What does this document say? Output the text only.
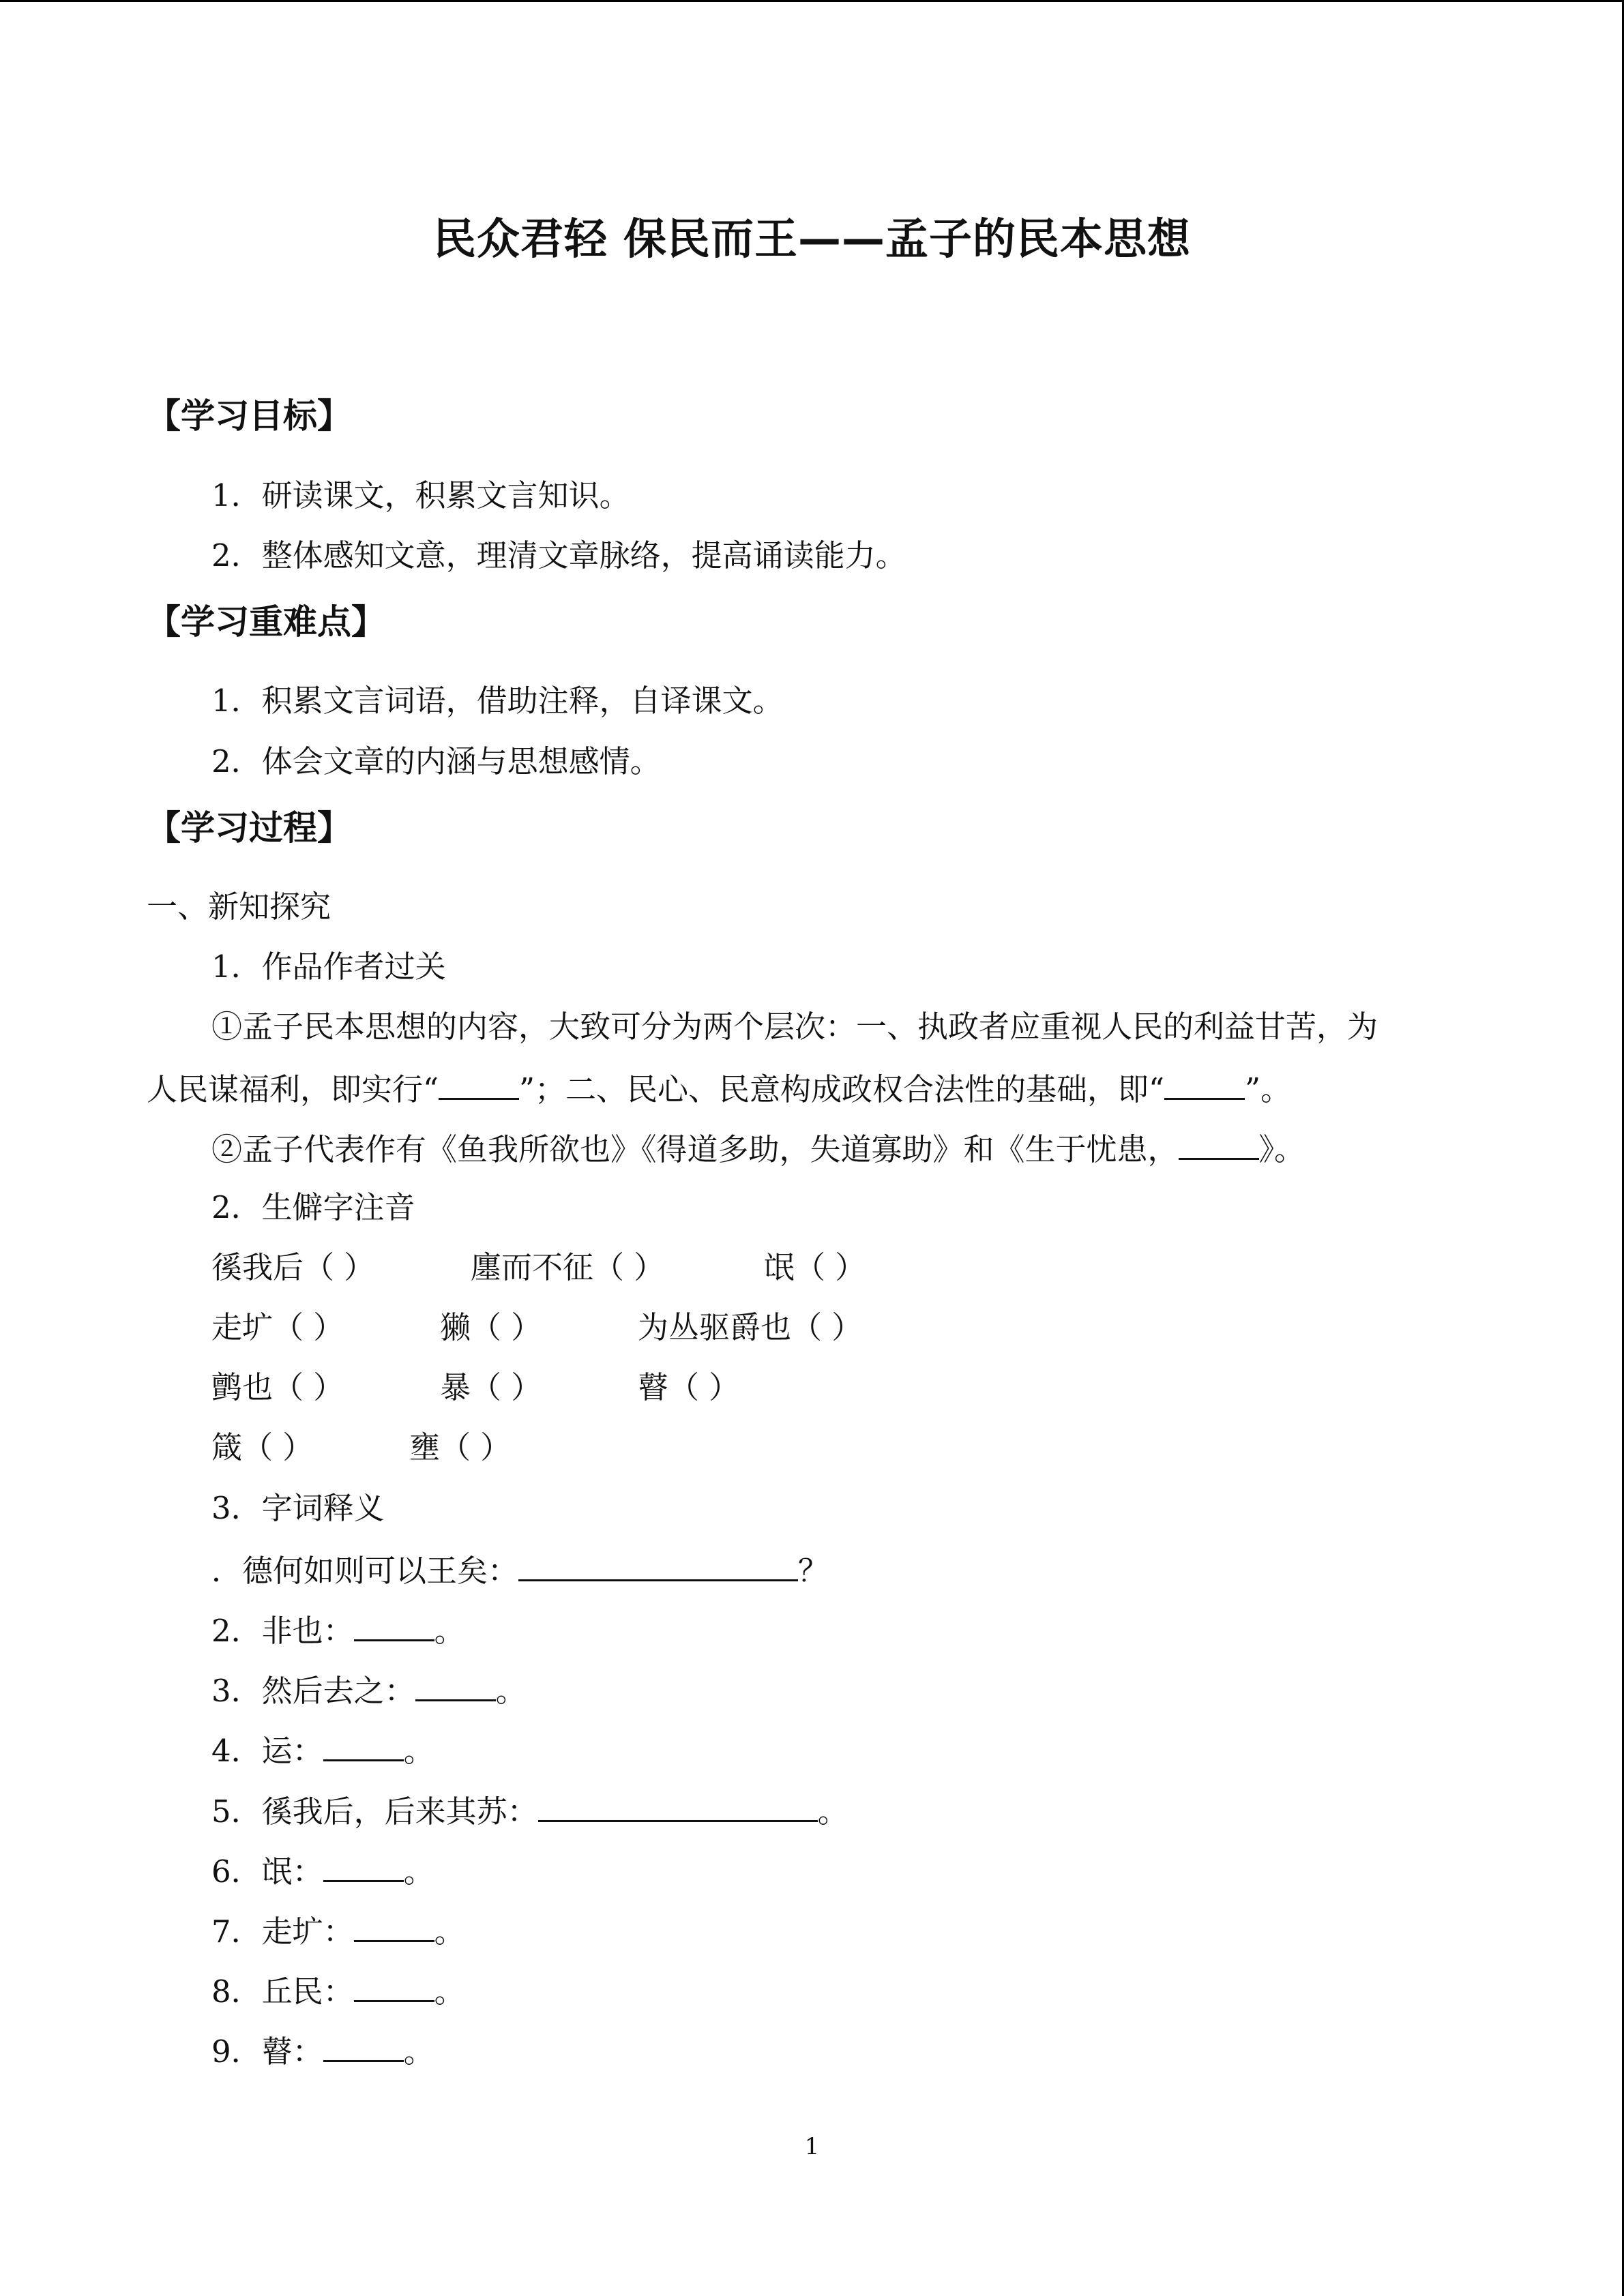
民众君轻 保民而王——孟子的民本思想
【学习目标】
1．研读课文，积累文言知识。
2．整体感知文意，理清文章脉络，提高诵读能力。
【学习重难点】
1．积累文言词语，借助注释，自译课文。
2．体会文章的内涵与思想感情。
【学习过程】
一、新知探究
1．作品作者过关
①孟子民本思想的内容，大致可分为两个层次：一、执政者应重视人民的利益甘苦，为
人民谋福利，即实行“	”；二、民心、民意构成政权合法性的基础，即“	”。
②孟子代表作有《鱼我所欲也》《得道多助，失道寡助》和《生于忧患，	》。
2．生僻字注音
徯我后（ ）	廛而不征（ ）	氓（ ）
走圹（ ）	獭（ ）	为丛驱爵也（ ）
鹯也（ ）	暴（ ）	瞽（ ）
箴（ ）	壅（ ）
3．字词释义
．德何如则可以王矣：	？
2．非也：	。
3．然后去之：	。
4．运：	。
5．徯我后，后来其苏：	。
6．氓：	。
7．走圹：	。
8．丘民：	。
9．瞽：	。
1
